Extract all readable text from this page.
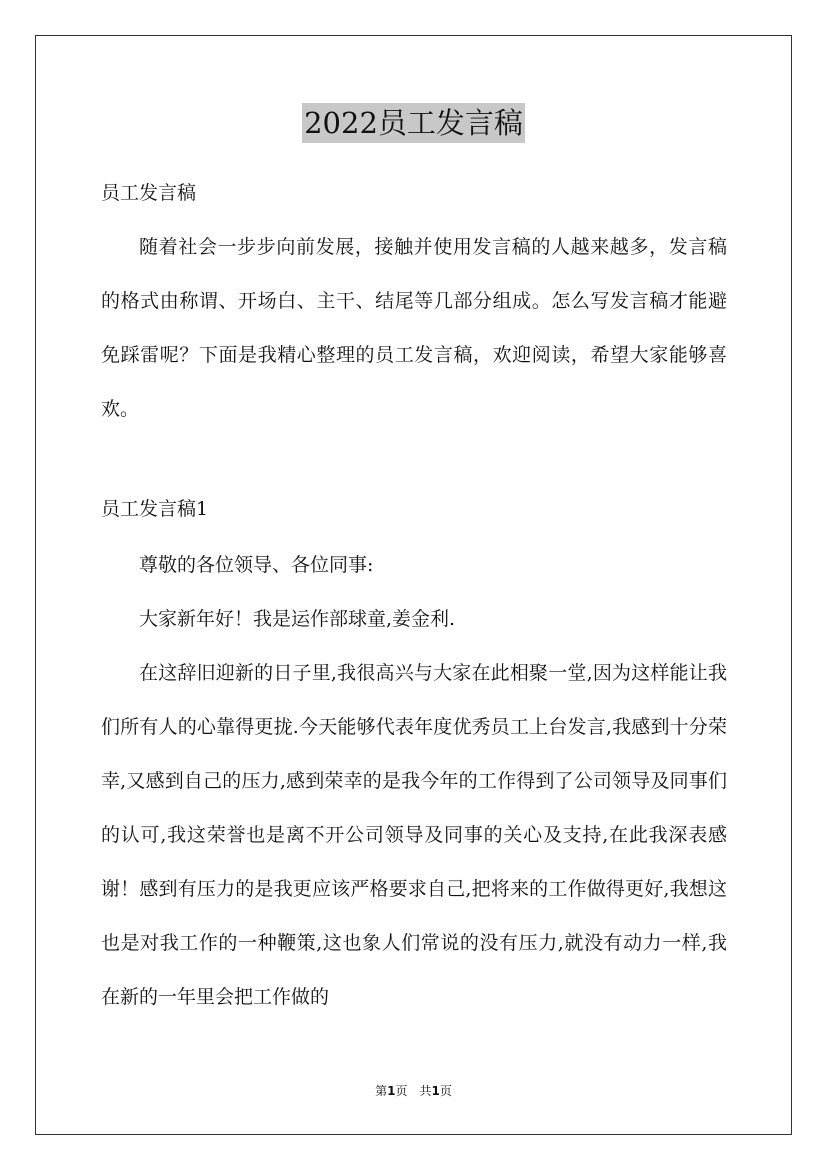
2022员工发言稿

员工发言稿

随着社会一步步向前发展，接触并使用发言稿的人越来越多，发言稿的格式由称谓、开场白、主干、结尾等几部分组成。怎么写发言稿才能避免踩雷呢？下面是我精心整理的员工发言稿，欢迎阅读，希望大家能够喜欢。

员工发言稿1

尊敬的各位领导、各位同事:

大家新年好！我是运作部球童,姜金利.

在这辞旧迎新的日子里,我很高兴与大家在此相聚一堂,因为这样能让我们所有人的心靠得更拢.今天能够代表年度优秀员工上台发言,我感到十分荣幸,又感到自己的压力,感到荣幸的是我今年的工作得到了公司领导及同事们的认可,我这荣誉也是离不开公司领导及同事的关心及支持,在此我深表感谢！感到有压力的是我更应该严格要求自己,把将来的工作做得更好,我想这也是对我工作的一种鞭策,这也象人们常说的没有压力,就没有动力一样,我在新的一年里会把工作做的

第1页　共1页
